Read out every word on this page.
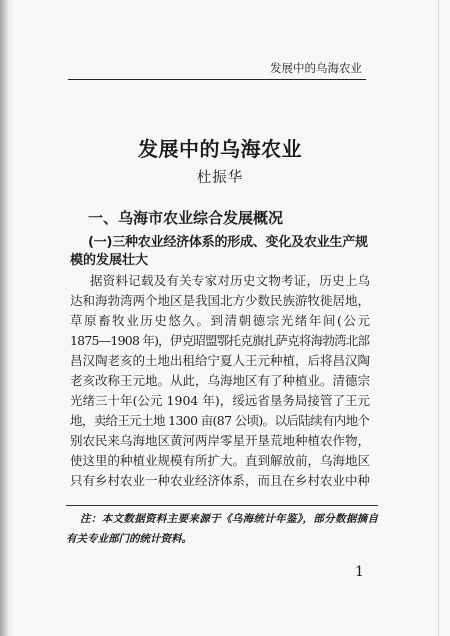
发展中的乌海农业
发展中的乌海农业
杜振华
一、乌海市农业综合发展概况
(一)三种农业经济体系的形成、变化及农业生产规
模的发展壮大
据资料记载及有关专家对历史文物考证，历史上乌
达和海勃湾两个地区是我国北方少数民族游牧徙居地，
草原畜牧业历史悠久。到清朝德宗光绪年间(公元
1875—1908 年)，伊克昭盟鄂托克旗扎萨克将海勃湾北部
昌汉陶老亥的土地出租给宁夏人王元种植，后将昌汉陶
老亥改称王元地。从此，乌海地区有了种植业。清德宗
光绪三十年(公元 1904 年)，绥远省垦务局接管了王元
地，卖给王元土地 1300 亩(87 公顷)。以后陆续有内地个
别农民来乌海地区黄河两岸零星开垦荒地种植农作物，
使这里的种植业规模有所扩大。直到解放前，乌海地区
只有乡村农业一种农业经济体系，而且在乡村农业中种
注：本文数据资料主要来源于《乌海统计年鉴》，部分数据摘自
有关专业部门的统计资料。
1
